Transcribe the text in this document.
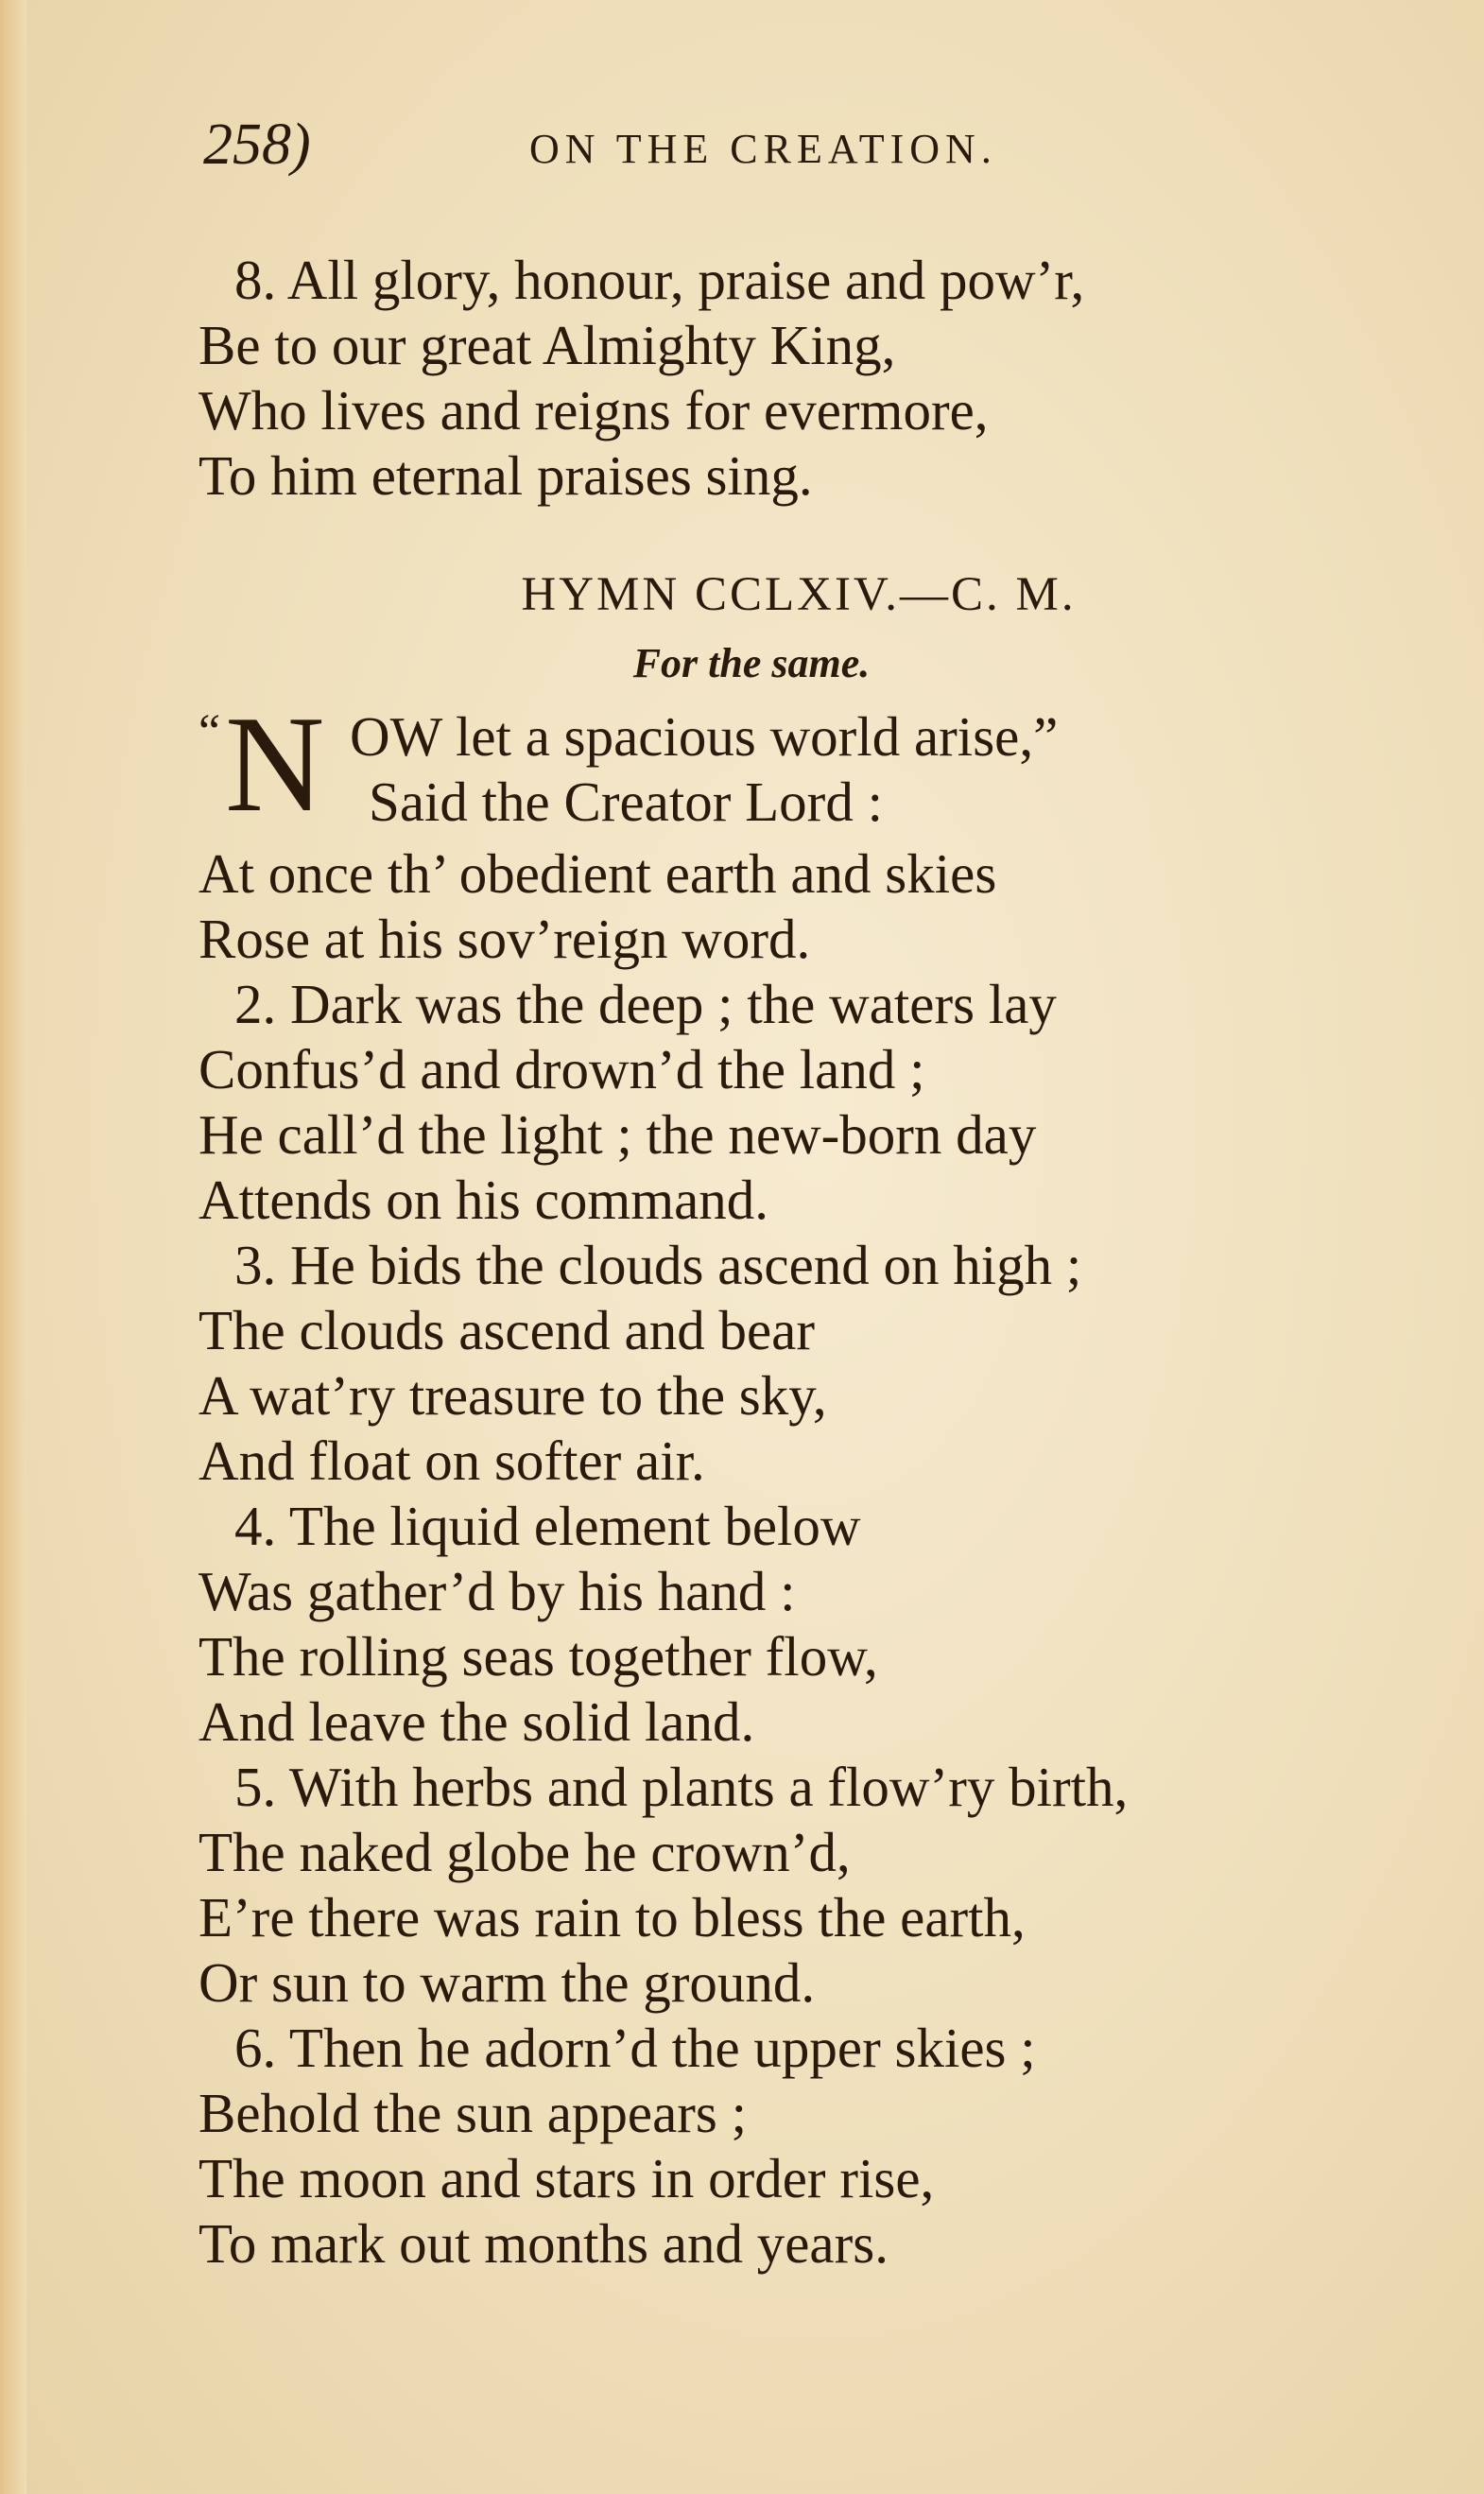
258)	ON THE CREATION.
8. All glory, honour, praise and pow’r,
Be to our great Almighty King,
Who lives and reigns for evermore,
To him eternal praises sing.
HYMN CCLXIV.—C. M.
For the same.
“ N OW let a spacious world arise,”
Said the Creator Lord :
At once th’ obedient earth and skies
Rose at his sov’reign word.
2. Dark was the deep ; the waters lay
Confus’d and drown’d the land ;
He call’d the light ; the new-born day
Attends on his command.
3. He bids the clouds ascend on high ;
The clouds ascend and bear
A wat’ry treasure to the sky,
And float on softer air.
4. The liquid element below
Was gather’d by his hand :
The rolling seas together flow,
And leave the solid land.
5. With herbs and plants a flow’ry birth,
The naked globe he crown’d,
E’re there was rain to bless the earth,
Or sun to warm the ground.
6. Then he adorn’d the upper skies ;
Behold the sun appears ;
The moon and stars in order rise,
To mark out months and years.
